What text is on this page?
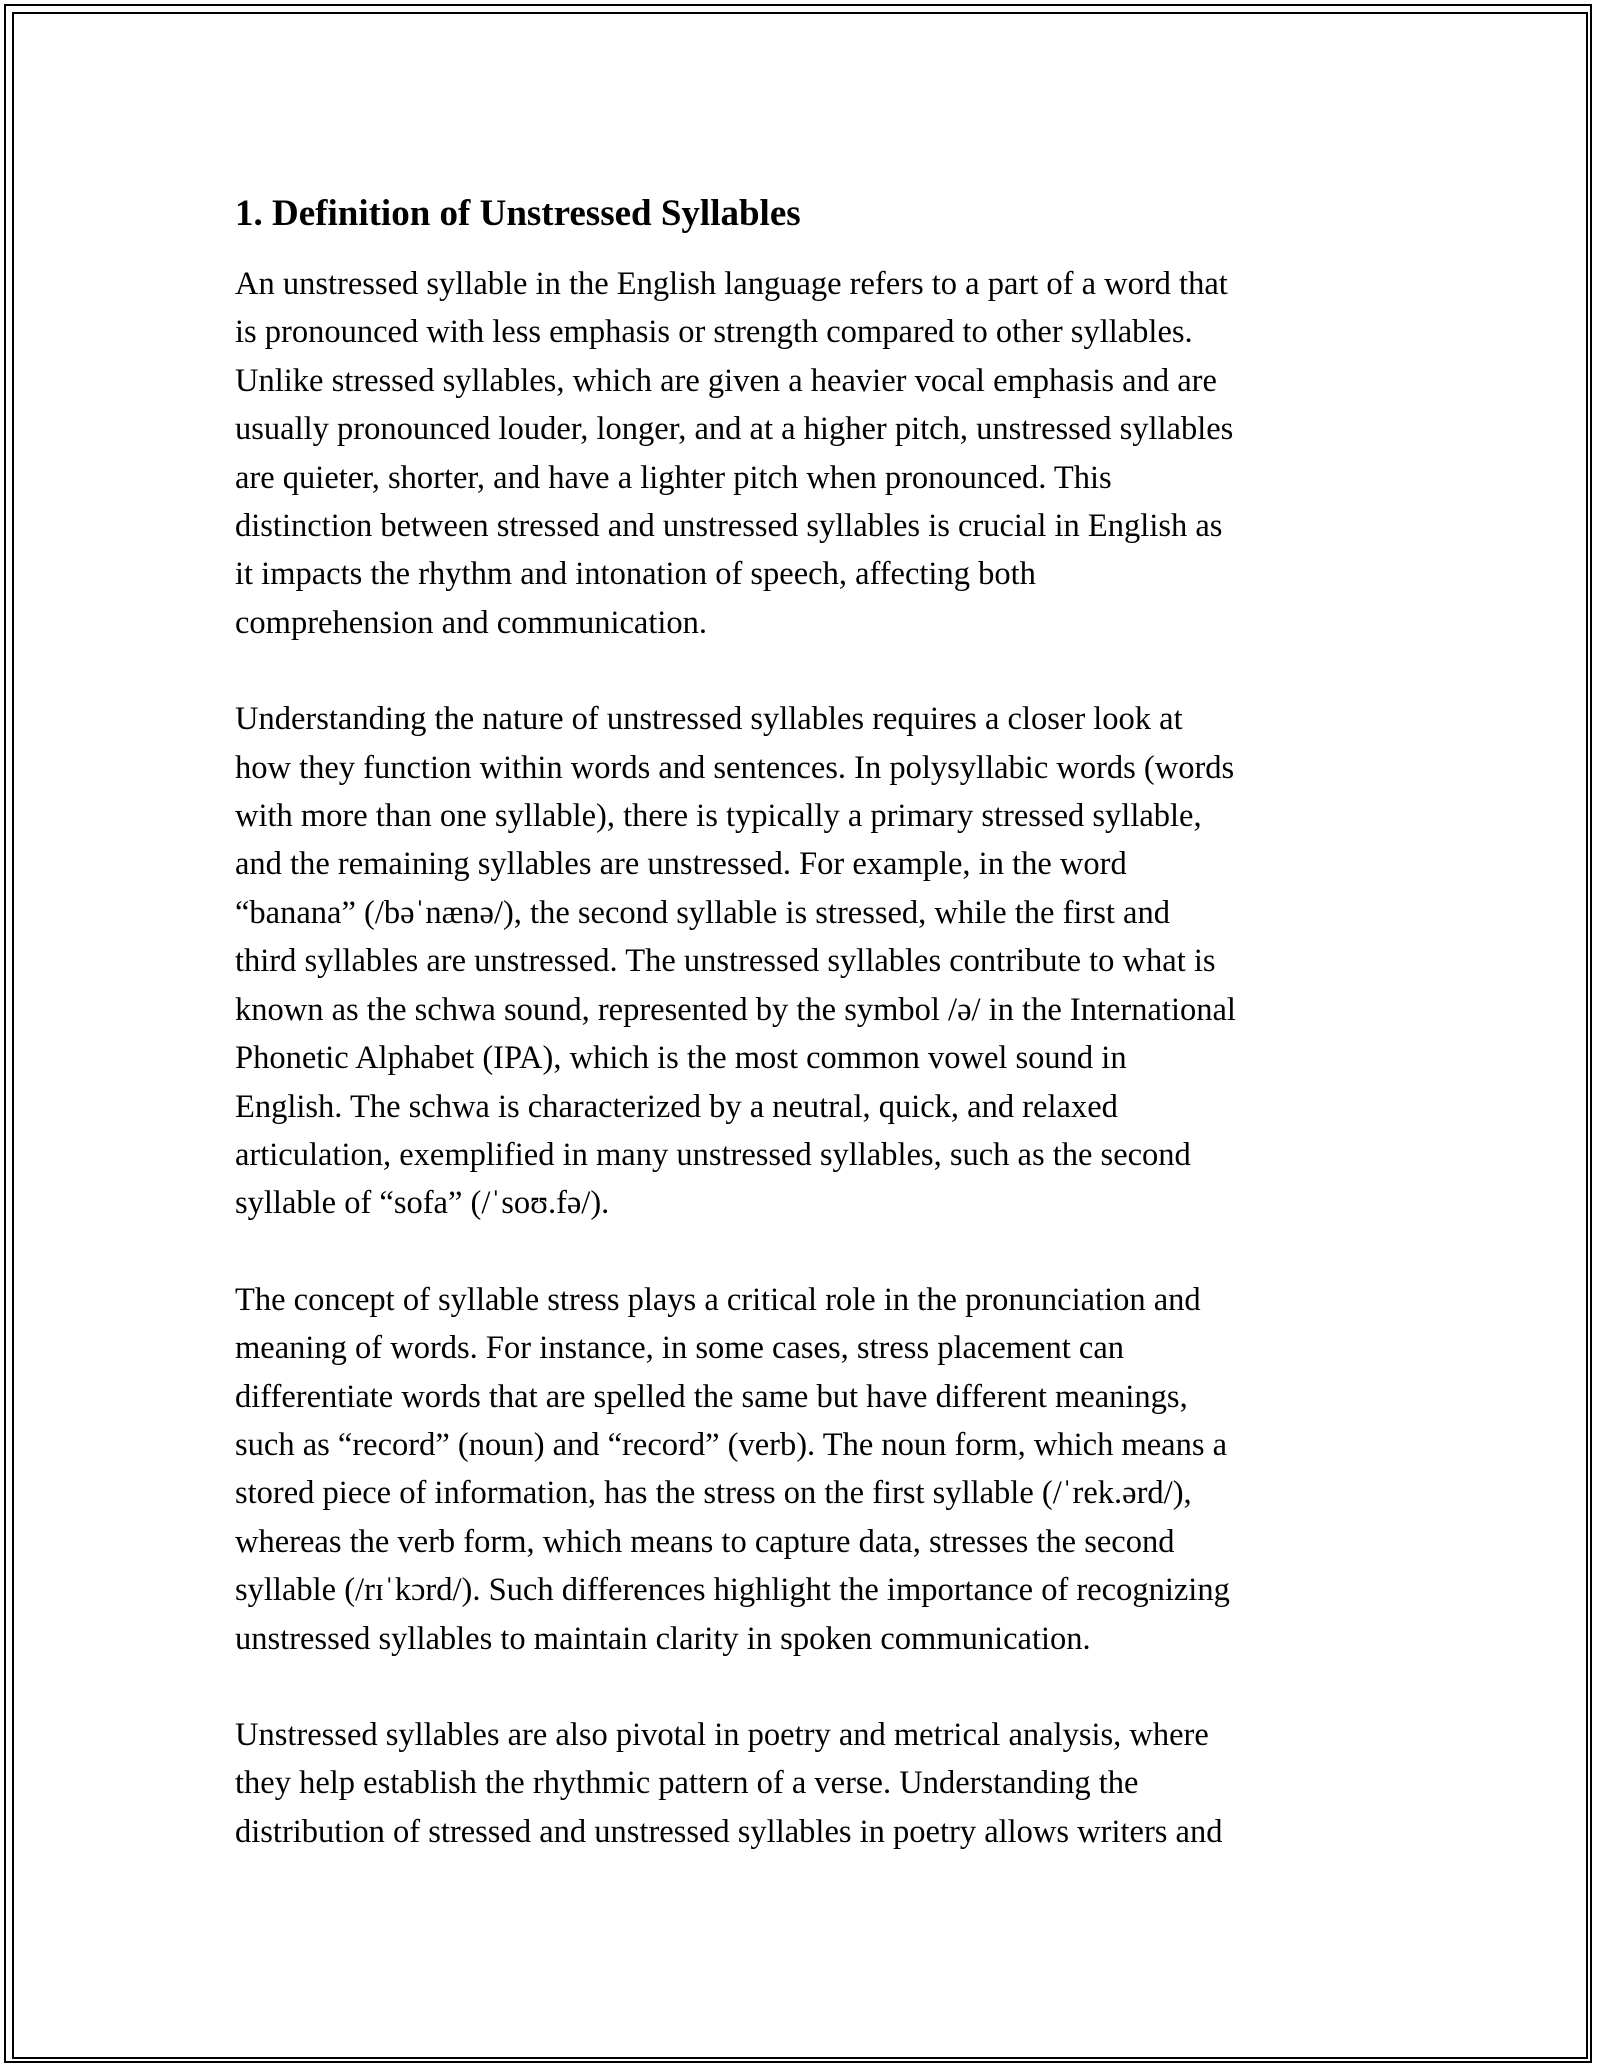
1. Definition of Unstressed Syllables

An unstressed syllable in the English language refers to a part of a word that
is pronounced with less emphasis or strength compared to other syllables.
Unlike stressed syllables, which are given a heavier vocal emphasis and are
usually pronounced louder, longer, and at a higher pitch, unstressed syllables
are quieter, shorter, and have a lighter pitch when pronounced. This
distinction between stressed and unstressed syllables is crucial in English as
it impacts the rhythm and intonation of speech, affecting both
comprehension and communication.

Understanding the nature of unstressed syllables requires a closer look at
how they function within words and sentences. In polysyllabic words (words
with more than one syllable), there is typically a primary stressed syllable,
and the remaining syllables are unstressed. For example, in the word
“banana” (/bəˈnænə/), the second syllable is stressed, while the first and
third syllables are unstressed. The unstressed syllables contribute to what is
known as the schwa sound, represented by the symbol /ə/ in the International
Phonetic Alphabet (IPA), which is the most common vowel sound in
English. The schwa is characterized by a neutral, quick, and relaxed
articulation, exemplified in many unstressed syllables, such as the second
syllable of “sofa” (/ˈsoʊ.fə/).

The concept of syllable stress plays a critical role in the pronunciation and
meaning of words. For instance, in some cases, stress placement can
differentiate words that are spelled the same but have different meanings,
such as “record” (noun) and “record” (verb). The noun form, which means a
stored piece of information, has the stress on the first syllable (/ˈrek.ərd/),
whereas the verb form, which means to capture data, stresses the second
syllable (/rɪˈkɔrd/). Such differences highlight the importance of recognizing
unstressed syllables to maintain clarity in spoken communication.

Unstressed syllables are also pivotal in poetry and metrical analysis, where
they help establish the rhythmic pattern of a verse. Understanding the
distribution of stressed and unstressed syllables in poetry allows writers and
